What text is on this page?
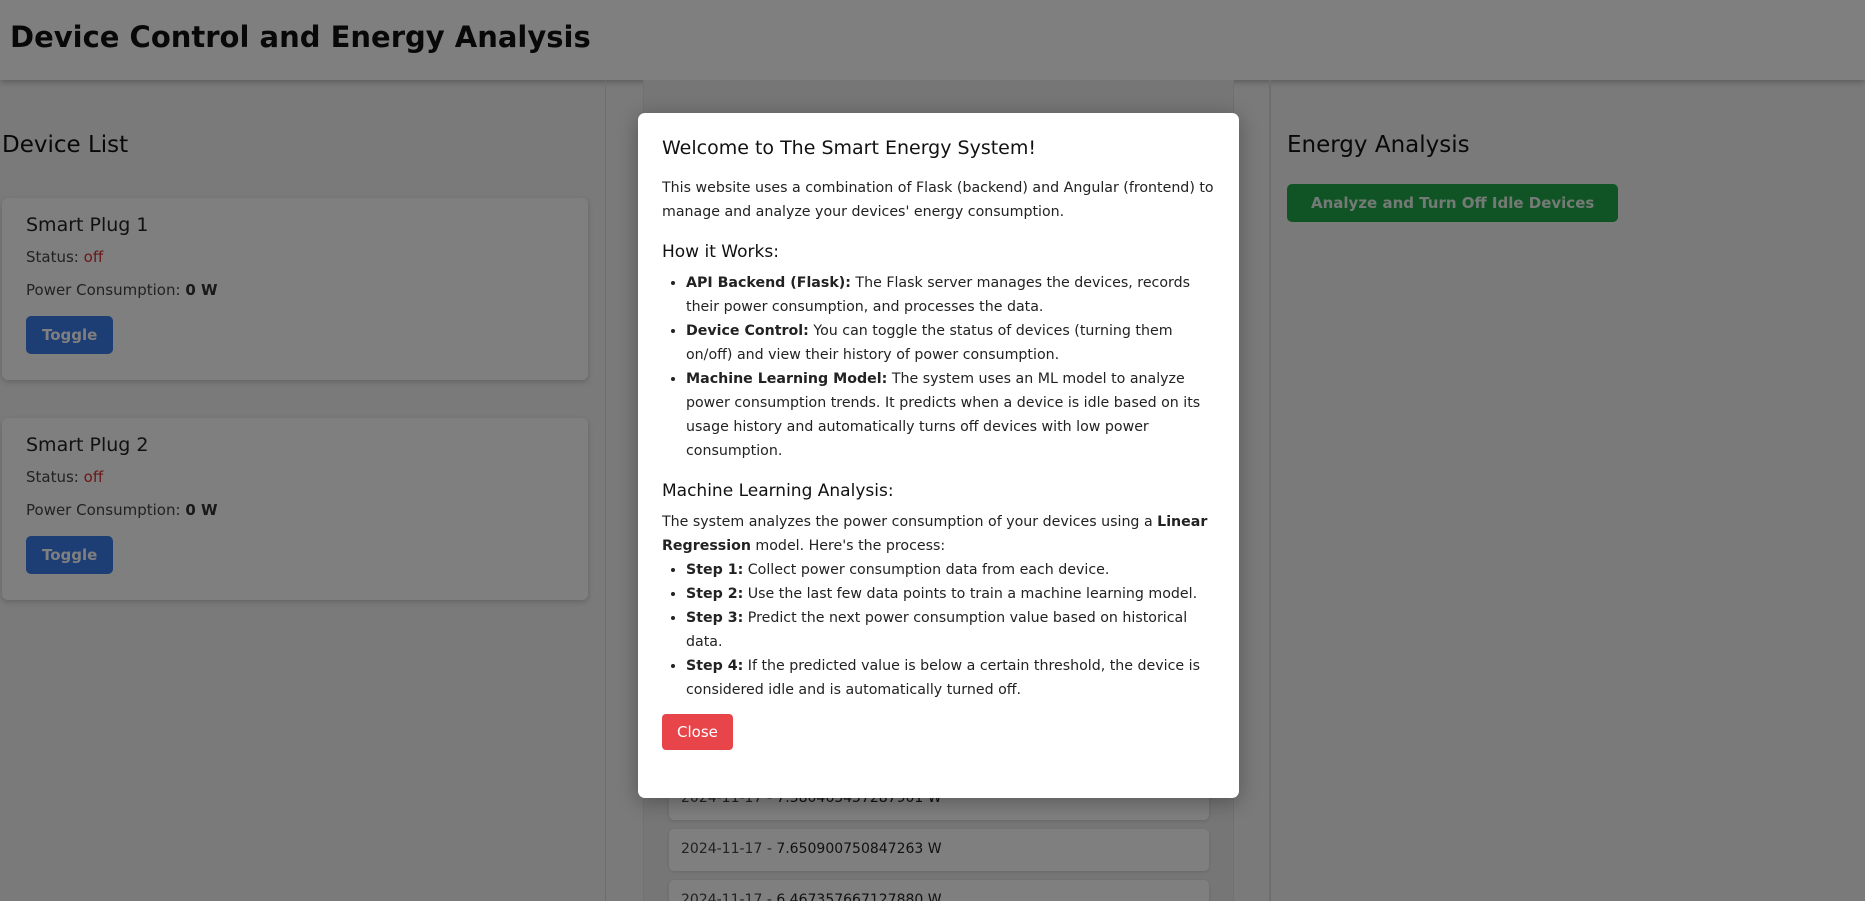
Welcome to The Smart Energy System!

This website uses a combination of Flask (backend) and Angular (frontend) to manage and analyze your devices' energy consumption.

How it Works:
• API Backend (Flask): The Flask server manages the devices, records their power consumption, and processes the data.
• Device Control: You can toggle the status of devices (turning them on/off) and view their history of power consumption.
• Machine Learning Model: The system uses an ML model to analyze power consumption trends. It predicts when a device is idle based on its usage history and automatically turns off devices with low power consumption.
Machine Learning Analysis:

The system analyzes the power consumption of your devices using a Linear Regression model. Here's the process:

• Step 1: Collect power consumption data from each device.
• Step 2: Use the last few data points to train a machine learning model.
• Step 3: Predict the next power consumption value based on historical data.
• Step 4: If the predicted value is below a certain threshold, the device is considered idle and is automatically turned off.
Close
